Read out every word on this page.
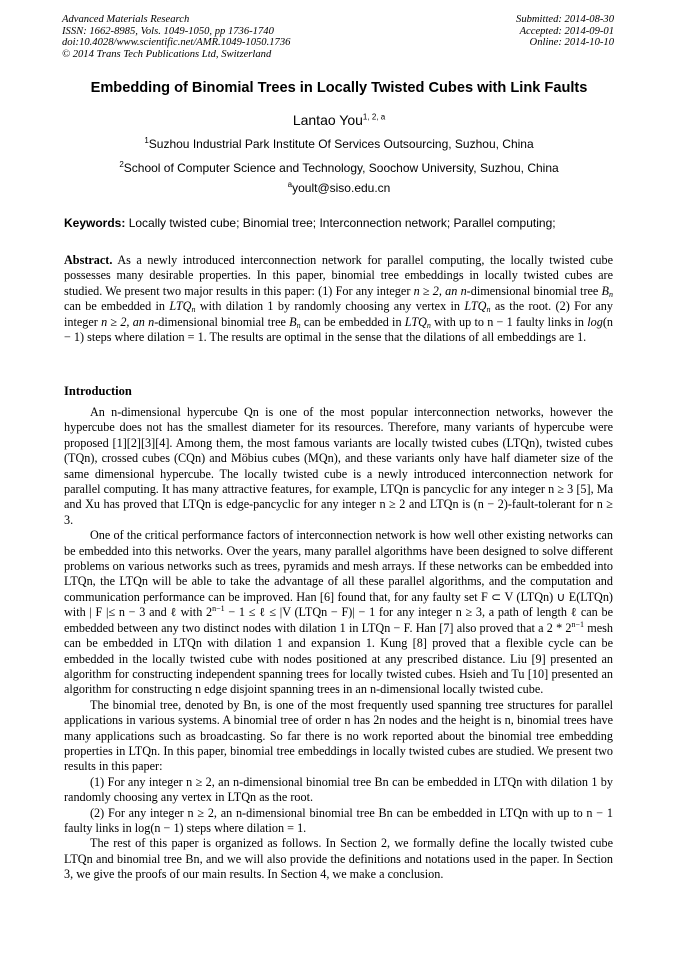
Advanced Materials Research
ISSN: 1662-8985, Vols. 1049-1050, pp 1736-1740
doi:10.4028/www.scientific.net/AMR.1049-1050.1736
© 2014 Trans Tech Publications Ltd, Switzerland
Submitted: 2014-08-30
Accepted: 2014-09-01
Online: 2014-10-10
Embedding of Binomial Trees in Locally Twisted Cubes with Link Faults
Lantao You$^{1, 2, a}$
$^1$Suzhou Industrial Park Institute Of Services Outsourcing, Suzhou, China
$^2$School of Computer Science and Technology, Soochow University, Suzhou, China
$^a$yoult@siso.edu.cn
Keywords: Locally twisted cube; Binomial tree; Interconnection network; Parallel computing;

Abstract. As a newly introduced interconnection network for parallel computing, the locally twisted cube possesses many desirable properties. In this paper, binomial tree embeddings in locally twisted cubes are studied. We present two major results in this paper: (1) For any integer n ≥ 2, an n-dimensional binomial tree $B_n$ can be embedded in $LTQ_n$ with dilation 1 by randomly choosing any vertex in $LTQ_n$ as the root. (2) For any integer n ≥ 2, an n-dimensional binomial tree $B_n$ can be embedded in $LTQ_n$ with up to n − 1 faulty links in log(n − 1) steps where dilation = 1. The results are optimal in the sense that the dilations of all embeddings are 1.

Introduction

An n-dimensional hypercube Qn is one of the most popular interconnection networks, however the hypercube does not has the smallest diameter for its resources. Therefore, many variants of hypercube were proposed [1][2][3][4]. Among them, the most famous variants are locally twisted cubes (LTQn), twisted cubes (TQn), crossed cubes (CQn) and Möbius cubes (MQn), and these variants only have half diameter size of the same dimensional hypercube. The locally twisted cube is a newly introduced interconnection network for parallel computing. It has many attractive features, for example, LTQn is pancyclic for any integer n ≥ 3 [5], Ma and Xu has proved that LTQn is edge-pancyclic for any integer n ≥ 2 and LTQn is (n − 2)-fault-tolerant for n ≥ 3.

One of the critical performance factors of interconnection network is how well other existing networks can be embedded into this networks. Over the years, many parallel algorithms have been designed to solve different problems on various networks such as trees, pyramids and mesh arrays. If these networks can be embedded into LTQn, the LTQn will be able to take the advantage of all these parallel algorithms, and the computation and communication performance can be improved. Han [6] found that, for any faulty set F ⊂ V (LTQn) ∪ E(LTQn) with | F |≤ n − 3 and ℓ with $2^{n-1} - 1$ ≤ ℓ ≤ |V (LTQn − F)| − 1 for any integer n ≥ 3, a path of length ℓ can be embedded between any two distinct nodes with dilation 1 in LTQn − F. Han [7] also proved that a $2 * 2^{n-1}$ mesh can be embedded in LTQn with dilation 1 and expansion 1. Kung [8] proved that a flexible cycle can be embedded in the locally twisted cube with nodes positioned at any prescribed distance. Liu [9] presented an algorithm for constructing independent spanning trees for locally twisted cubes. Hsieh and Tu [10] presented an algorithm for constructing n edge disjoint spanning trees in an n-dimensional locally twisted cube.

The binomial tree, denoted by Bn, is one of the most frequently used spanning tree structures for parallel applications in various systems. A binomial tree of order n has 2n nodes and the height is n, binomial trees have many applications such as broadcasting. So far there is no work reported about the binomial tree embedding properties in LTQn. In this paper, binomial tree embeddings in locally twisted cubes are studied. We present two results in this paper:

(1) For any integer n ≥ 2, an n-dimensional binomial tree Bn can be embedded in LTQn with dilation 1 by randomly choosing any vertex in LTQn as the root.

(2) For any integer n ≥ 2, an n-dimensional binomial tree Bn can be embedded in LTQn with up to n − 1 faulty links in log(n − 1) steps where dilation = 1.

The rest of this paper is organized as follows. In Section 2, we formally define the locally twisted cube LTQn and binomial tree Bn, and we will also provide the definitions and notations used in the paper. In Section 3, we give the proofs of our main results. In Section 4, we make a conclusion.
